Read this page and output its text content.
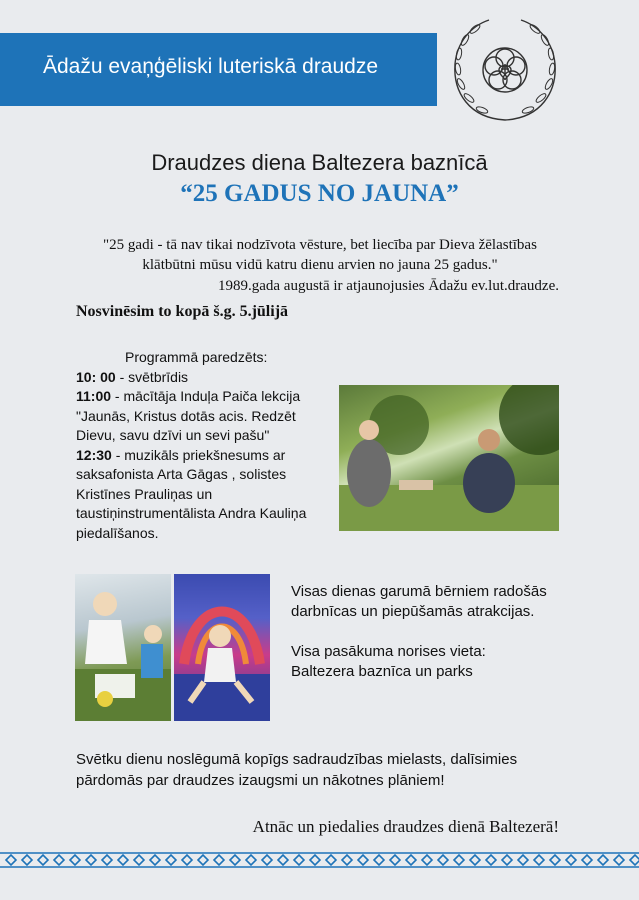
Ādažu evaņģēliski luteriskā draudze
Draudzes diena Baltezera baznīcā
“25 GADUS NO JAUNA”
"25 gadi - tā nav tikai nodzīvota vēsture, bet liecība par Dieva žēlastības
klātbūtni mūsu vidū katru dienu arvien no jauna 25 gadus."
1989.gada augustā ir atjaunojusies Ādažu ev.lut.draudze.
Nosvinēsim to kopā š.g. 5.jūlijā
Programmā paredzēts:
10: 00 - svētbrīdis
11:00 - mācītāja Induļa Paiča lekcija "Jaunās, Kristus dotās acis. Redzēt Dievu, savu dzīvi un sevi pašu"
12:30 - muzikāls priekšnesums ar saksafonista Arta Gāgas , solistes Kristīnes Prauliņas un taustiņinstrumentālista Andra Kauliņa piedalīšanos.
Visas dienas garumā bērniem radošās darbnīcas un piepūšamās atrakcijas.
Visa pasākuma norises vieta:
Baltezera baznīca un parks
Svētku dienu noslēgumā kopīgs sadraudzības mielasts, dalīsimies pārdomās par draudzes izaugsmi un nākotnes plāniem!
Atnāc un piedalies draudzes dienā Baltezerā!
